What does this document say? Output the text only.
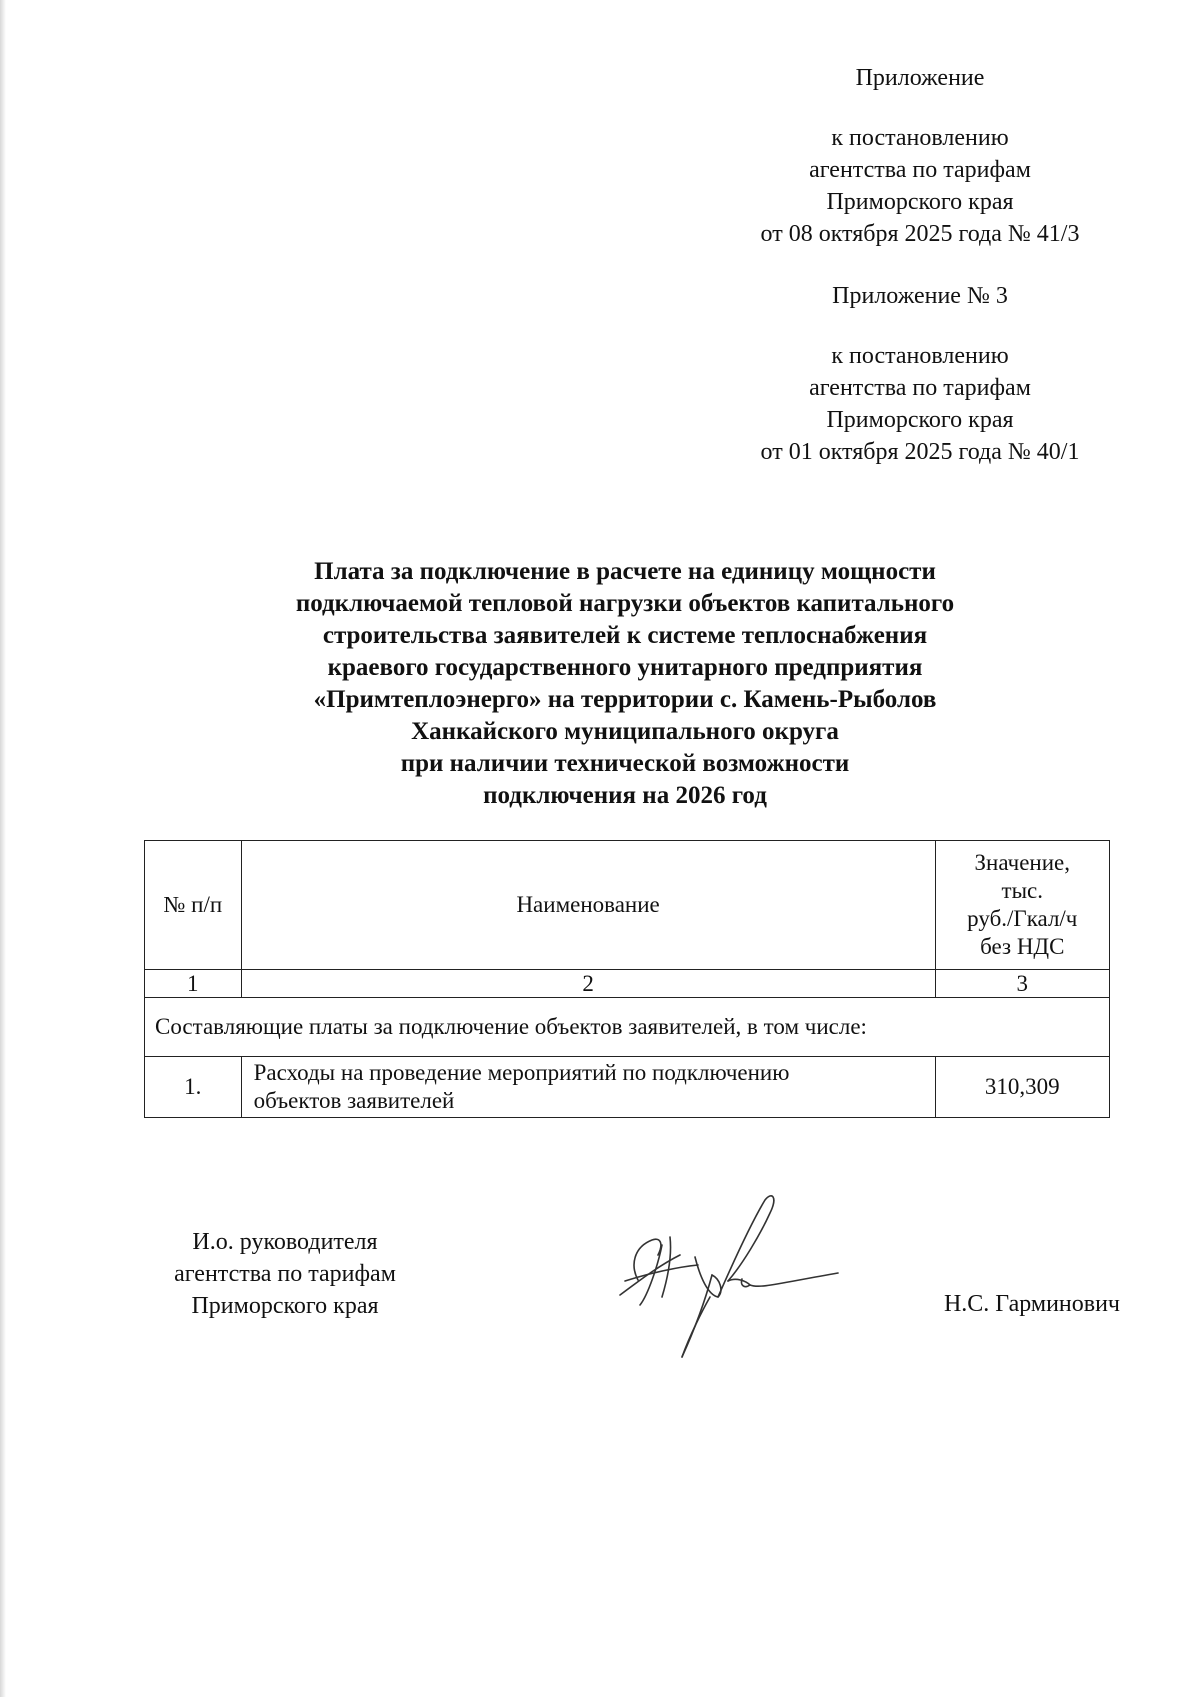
Приложение
к постановлению
агентства по тарифам
Приморского края
от 08 октября 2025 года № 41/3
Приложение № 3
к постановлению
агентства по тарифам
Приморского края
от 01 октября 2025 года № 40/1
Плата за подключение в расчете на единицу мощности
подключаемой тепловой нагрузки объектов капитального
строительства заявителей к системе теплоснабжения
краевого государственного унитарного предприятия
«Примтеплоэнерго» на территории с. Камень-Рыболов
Ханкайского муниципального округа
при наличии технической возможности
подключения на 2026 год
№ п/п	Наименование	Значение,
тыс.
руб./Гкал/ч
без НДС

1	2	3
Составляющие платы за подключение объектов заявителей, в том числе:		
1.	Расходы на проведение мероприятий по подключению
объектов заявителей	310,309
И.о. руководителя
агентства по тарифам
Приморского края	Н.С. Гарминович
